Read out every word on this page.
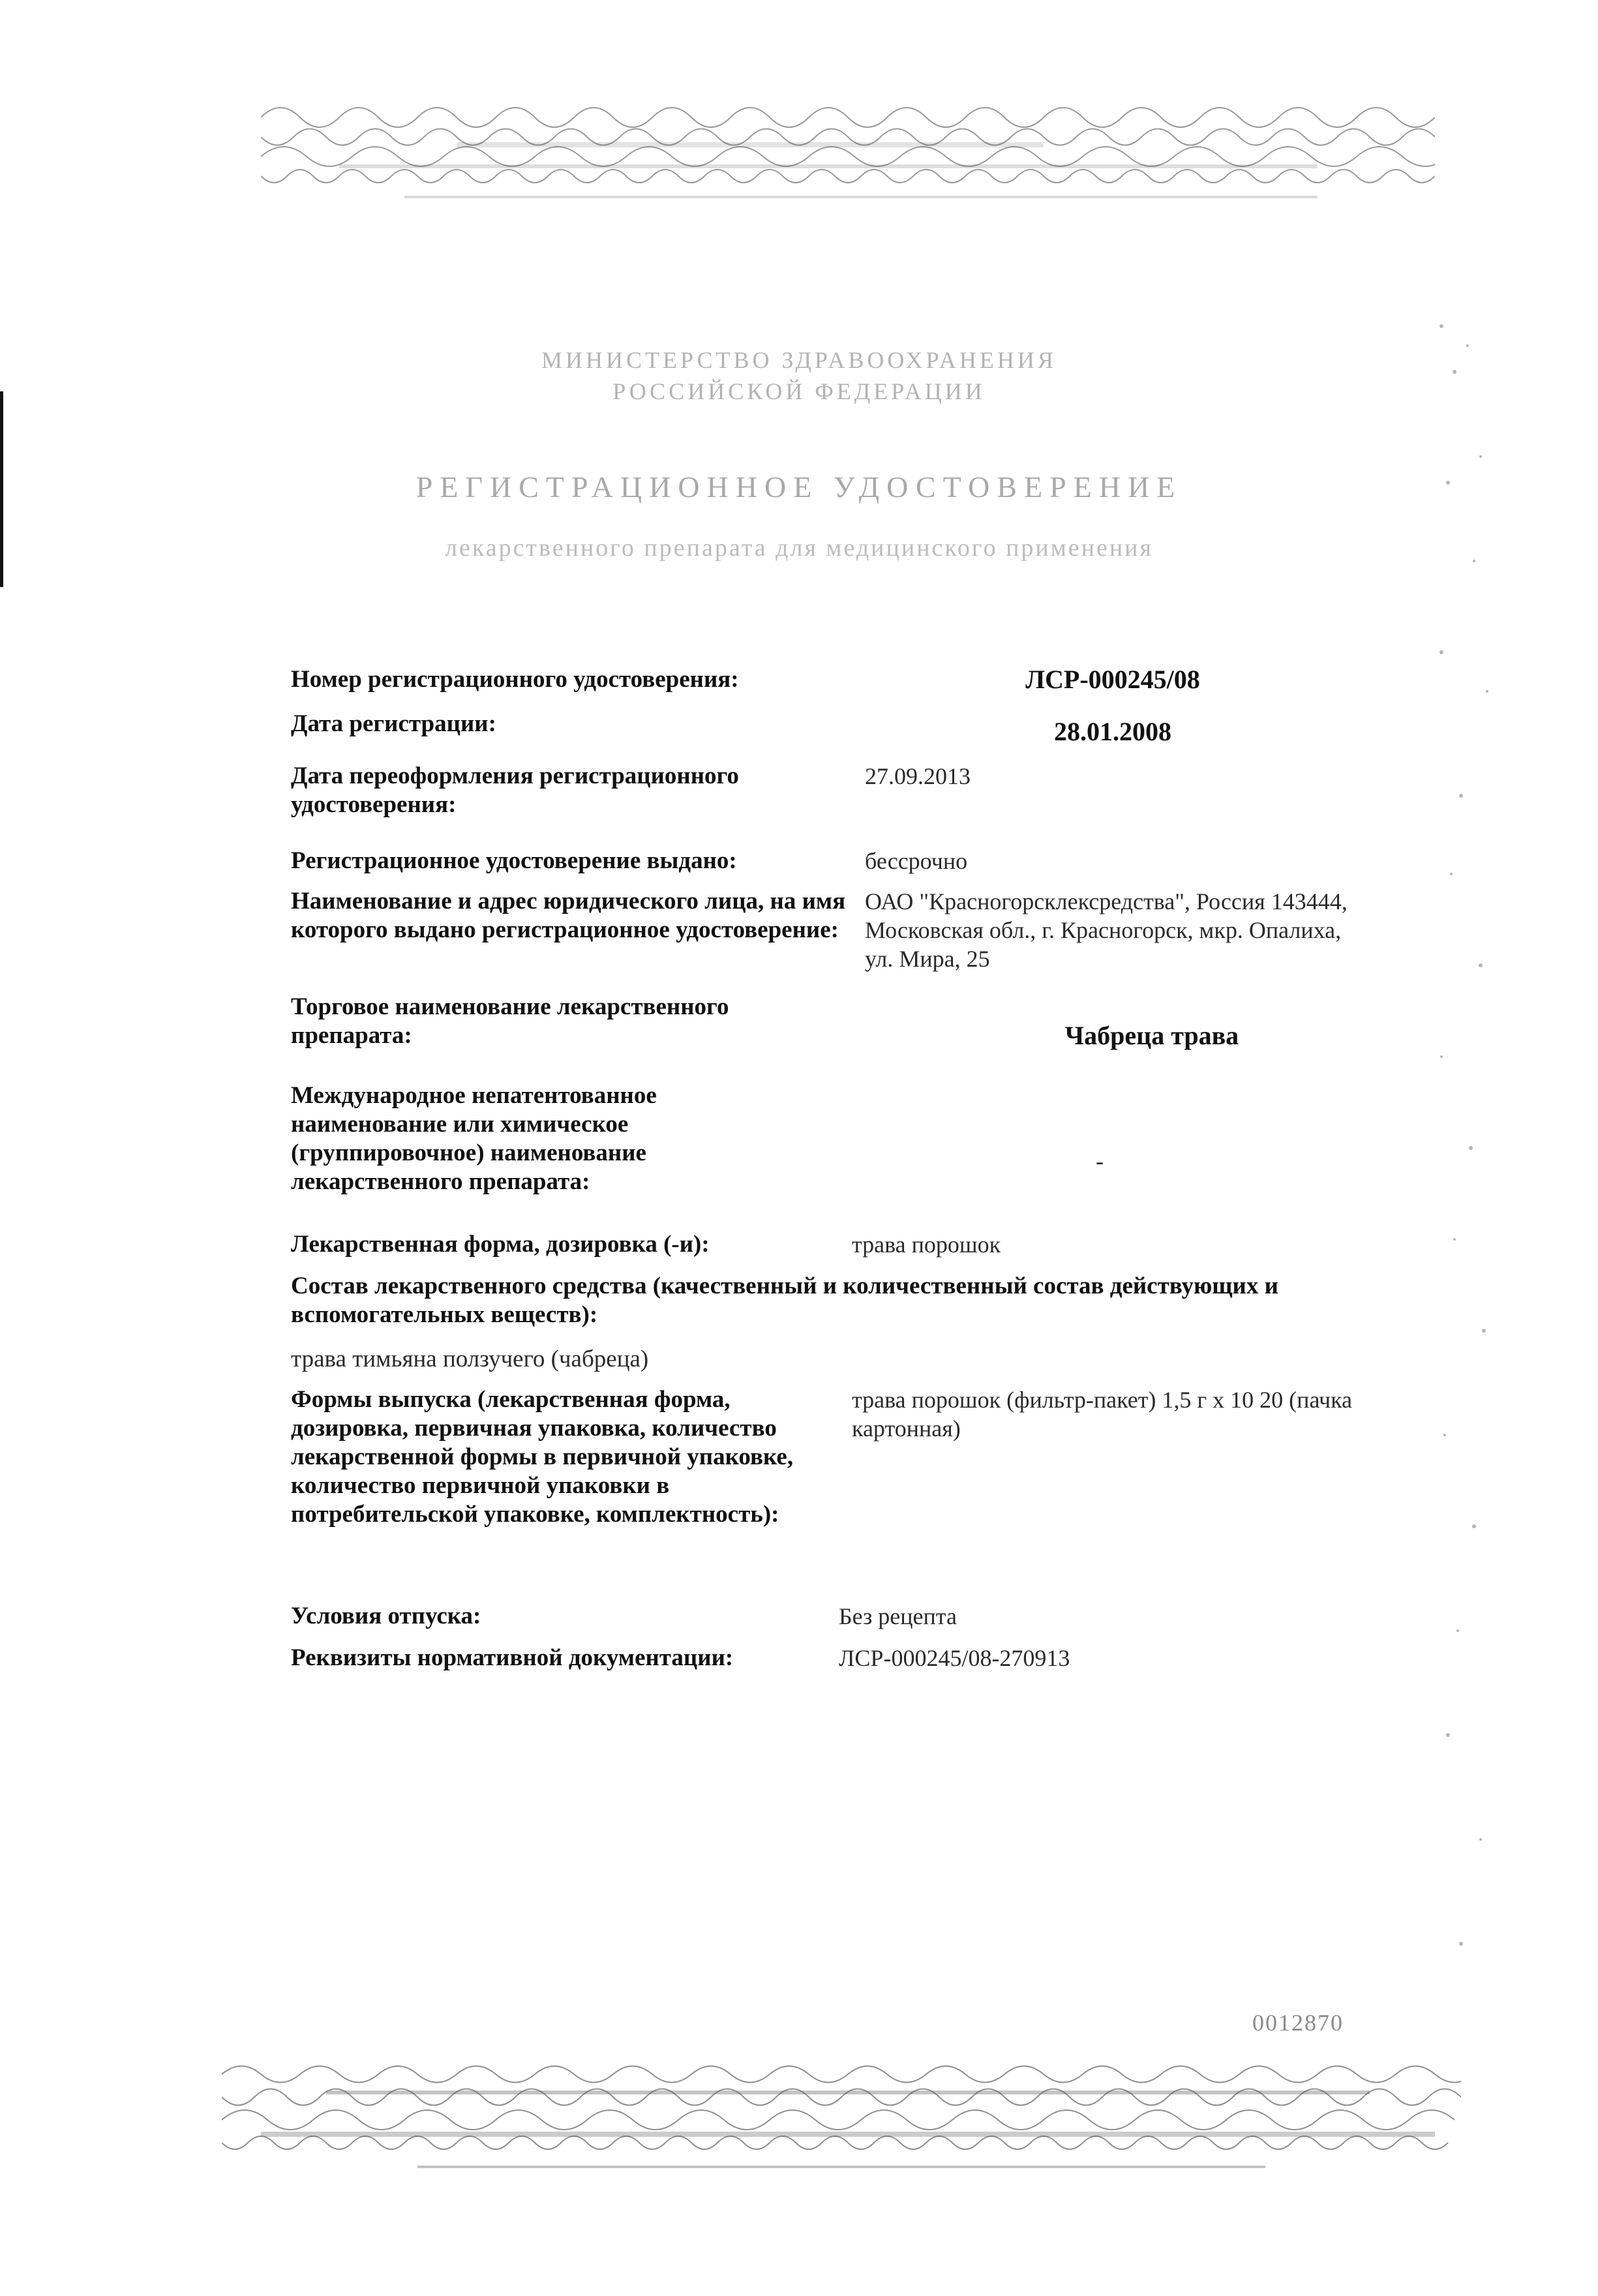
МИНИСТЕРСТВО ЗДРАВООХРАНЕНИЯ
РОССИЙСКОЙ ФЕДЕРАЦИИ
РЕГИСТРАЦИОННОЕ УДОСТОВЕРЕНИЕ
лекарственного препарата для медицинского применения
Номер регистрационного удостоверения:	ЛСР-000245/08
Дата регистрации:	28.01.2008
Дата переоформления регистрационного удостоверения:
27.09.2013
Регистрационное удостоверение выдано:	бессрочно
Наименование и адрес юридического лица, на имя которого выдано регистрационное удостоверение:
ОАО "Красногорсклексредства", Россия 143444, Московская обл., г. Красногорск, мкр. Опалиха, ул. Мира, 25
Торговое наименование лекарственного препарата:	Чабреца трава
Международное непатентованное наименование или химическое (группировочное) наименование лекарственного препарата:
-
Лекарственная форма, дозировка (-и):	трава порошок
Состав лекарственного средства (качественный и количественный состав действующих и вспомогательных веществ):
трава тимьяна ползучего (чабреца)
Формы выпуска (лекарственная форма, дозировка, первичная упаковка, количество лекарственной формы в первичной упаковке, количество первичной упаковки в потребительской упаковке, комплектность):
трава порошок (фильтр-пакет) 1,5 г х 10 20 (пачка картонная)
Условия отпуска:	Без рецепта
Реквизиты нормативной документации:	ЛСР-000245/08-270913
0012870
